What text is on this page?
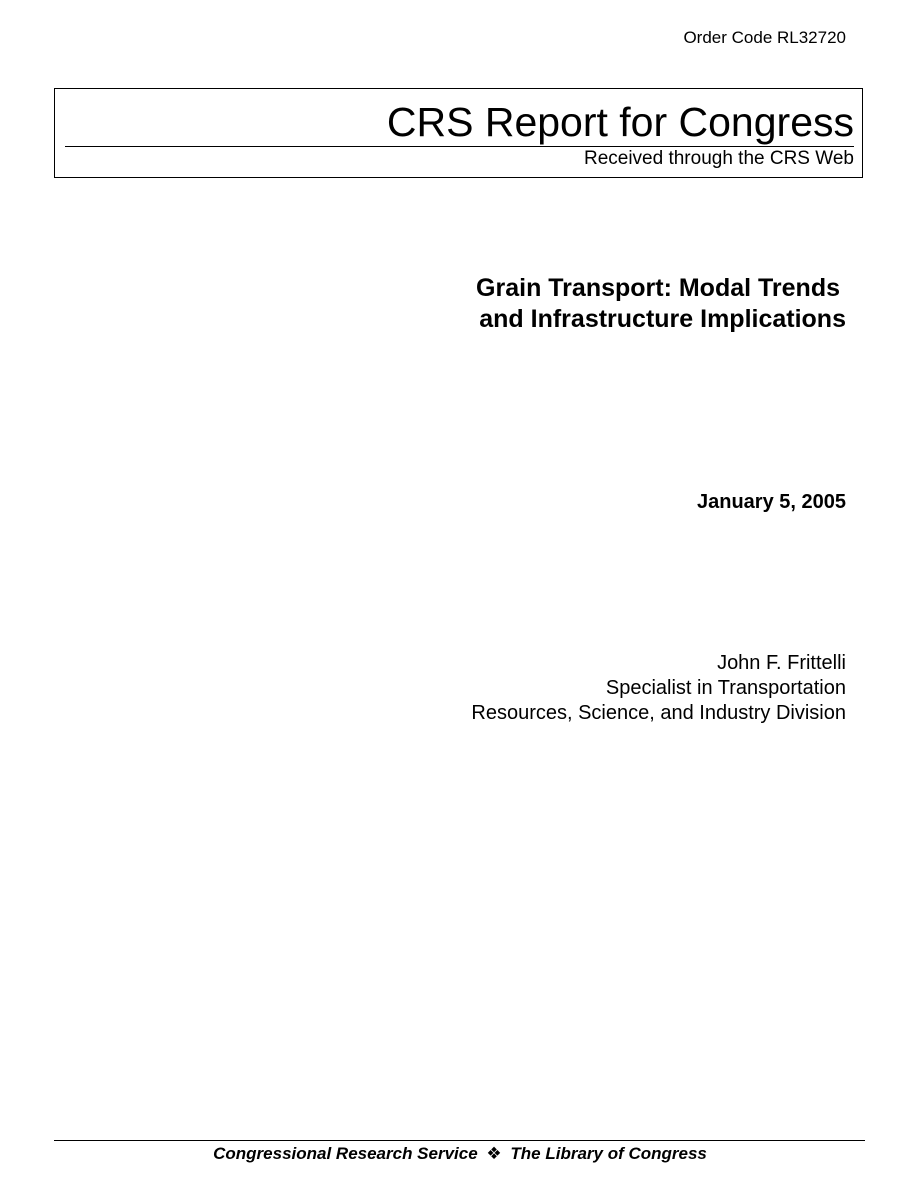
Order Code RL32720
CRS Report for Congress
Received through the CRS Web
Grain Transport: Modal Trends
and Infrastructure Implications
January 5, 2005
John F. Frittelli
Specialist in Transportation
Resources, Science, and Industry Division
Congressional Research Service ❖ The Library of Congress
